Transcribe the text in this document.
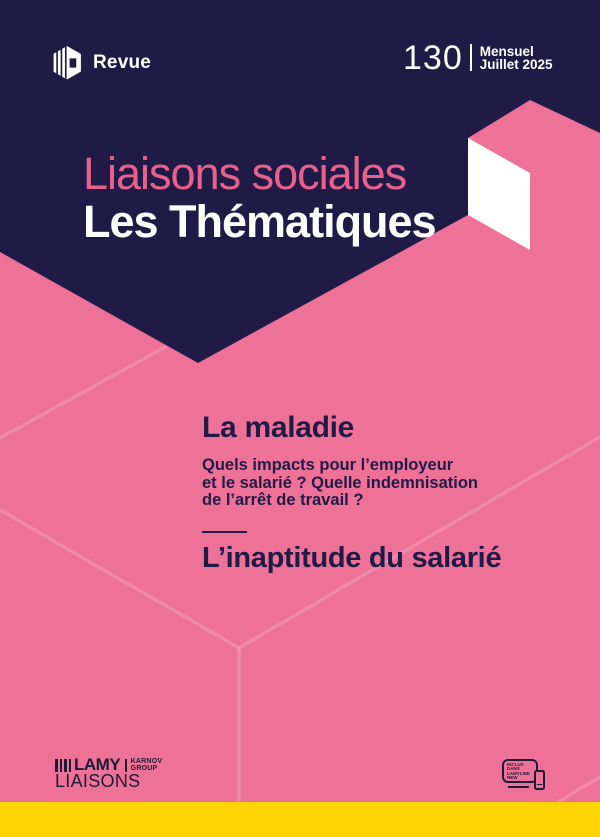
Revue	130 Mensuel
Juillet 2025
Liaisons sociales
Les Thématiques
La maladie
Quels impacts pour l’employeur
et le salarié ? Quelle indemnisation
de l’arrêt de travail ?
L’inaptitude du salarié
LAMY KARNOV
GROUP
LIAISONS
INCLUS
DANS
LAMYLINE
NEW
